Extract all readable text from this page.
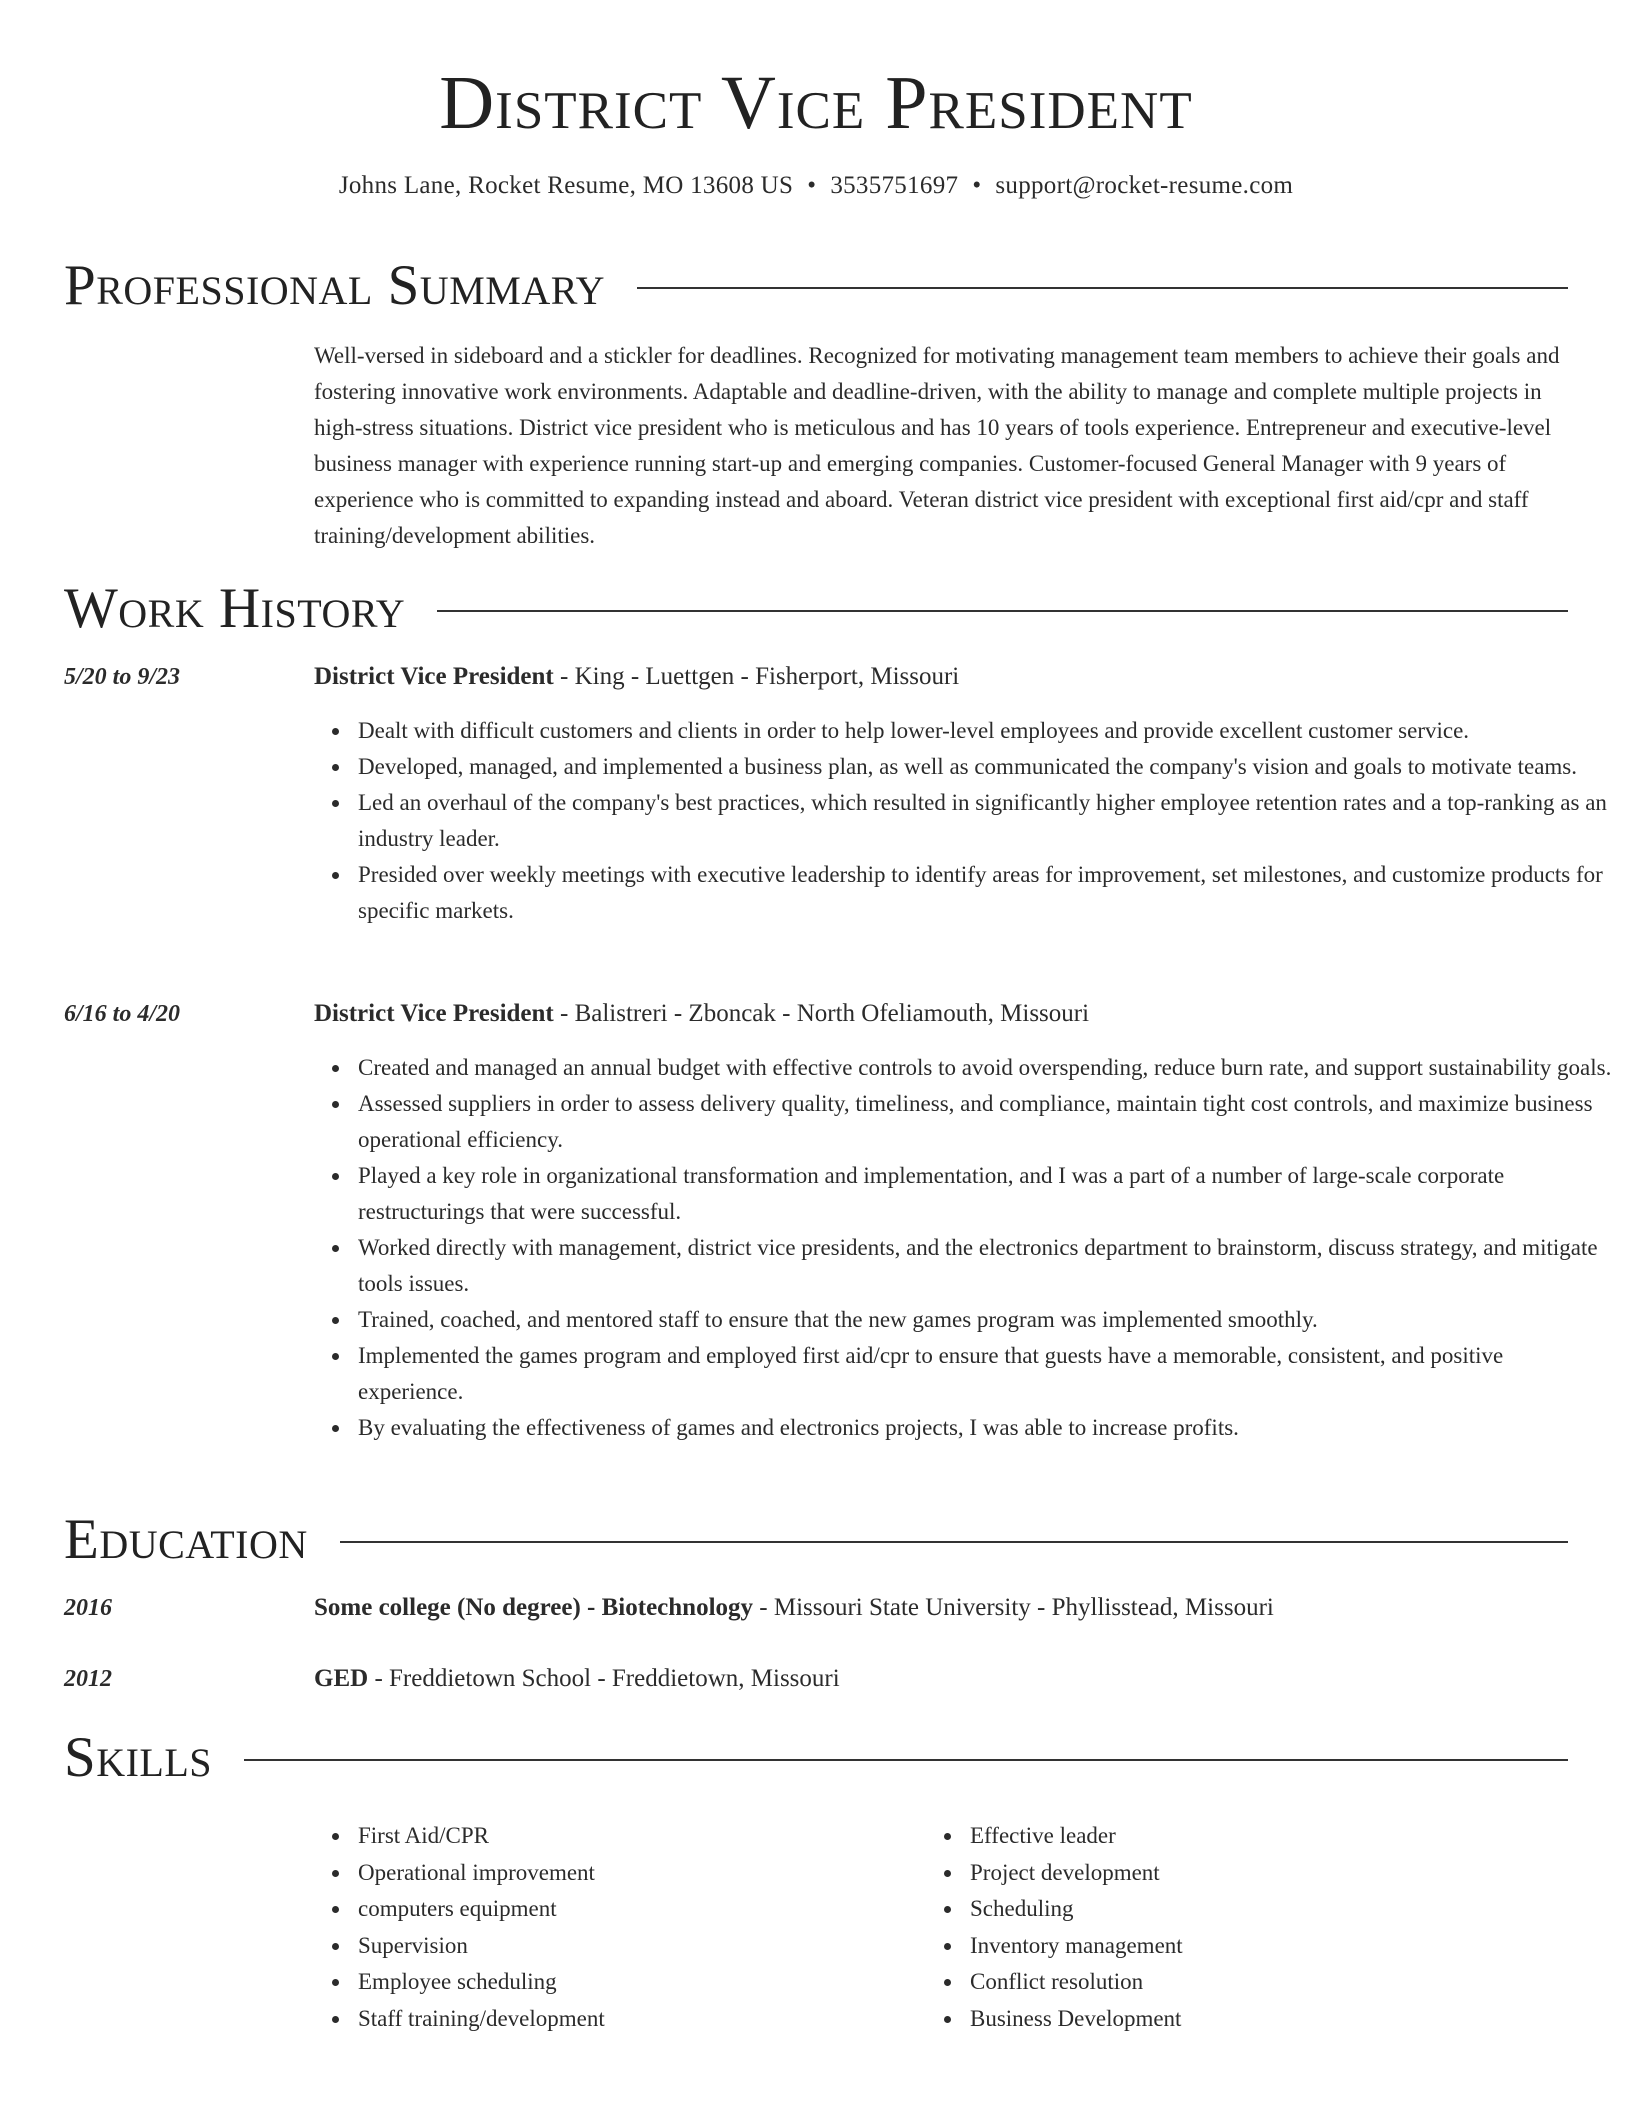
District Vice President
Johns Lane, Rocket Resume, MO 13608 US • 3535751697 • support@rocket-resume.com
Professional Summary

Well-versed in sideboard and a stickler for deadlines. Recognized for motivating management team members to achieve their goals and fostering innovative work environments. Adaptable and deadline-driven, with the ability to manage and complete multiple projects in high-stress situations. District vice president who is meticulous and has 10 years of tools experience. Entrepreneur and executive-level business manager with experience running start-up and emerging companies. Customer-focused General Manager with 9 years of experience who is committed to expanding instead and aboard. Veteran district vice president with exceptional first aid/cpr and staff training/development abilities.

Work History
5/20 to 9/23	District Vice President - King - Luettgen - Fisherport, Missouri
Dealt with difficult customers and clients in order to help lower-level employees and provide excellent customer service.
Developed, managed, and implemented a business plan, as well as communicated the company's vision and goals to motivate teams.
Led an overhaul of the company's best practices, which resulted in significantly higher employee retention rates and a top-ranking as an industry leader.
Presided over weekly meetings with executive leadership to identify areas for improvement, set milestones, and customize products for specific markets.
6/16 to 4/20	District Vice President - Balistreri - Zboncak - North Ofeliamouth, Missouri
Created and managed an annual budget with effective controls to avoid overspending, reduce burn rate, and support sustainability goals.
Assessed suppliers in order to assess delivery quality, timeliness, and compliance, maintain tight cost controls, and maximize business operational efficiency.
Played a key role in organizational transformation and implementation, and I was a part of a number of large-scale corporate restructurings that were successful.
Worked directly with management, district vice presidents, and the electronics department to brainstorm, discuss strategy, and mitigate tools issues.
Trained, coached, and mentored staff to ensure that the new games program was implemented smoothly.
Implemented the games program and employed first aid/cpr to ensure that guests have a memorable, consistent, and positive experience.
By evaluating the effectiveness of games and electronics projects, I was able to increase profits.
Education
2016	Some college (No degree) - Biotechnology - Missouri State University - Phyllisstead, Missouri
2012	GED - Freddietown School - Freddietown, Missouri
Skills
First Aid/CPR
Operational improvement
computers equipment
Supervision
Employee scheduling
Staff training/development
Effective leader
Project development
Scheduling
Inventory management
Conflict resolution
Business Development
